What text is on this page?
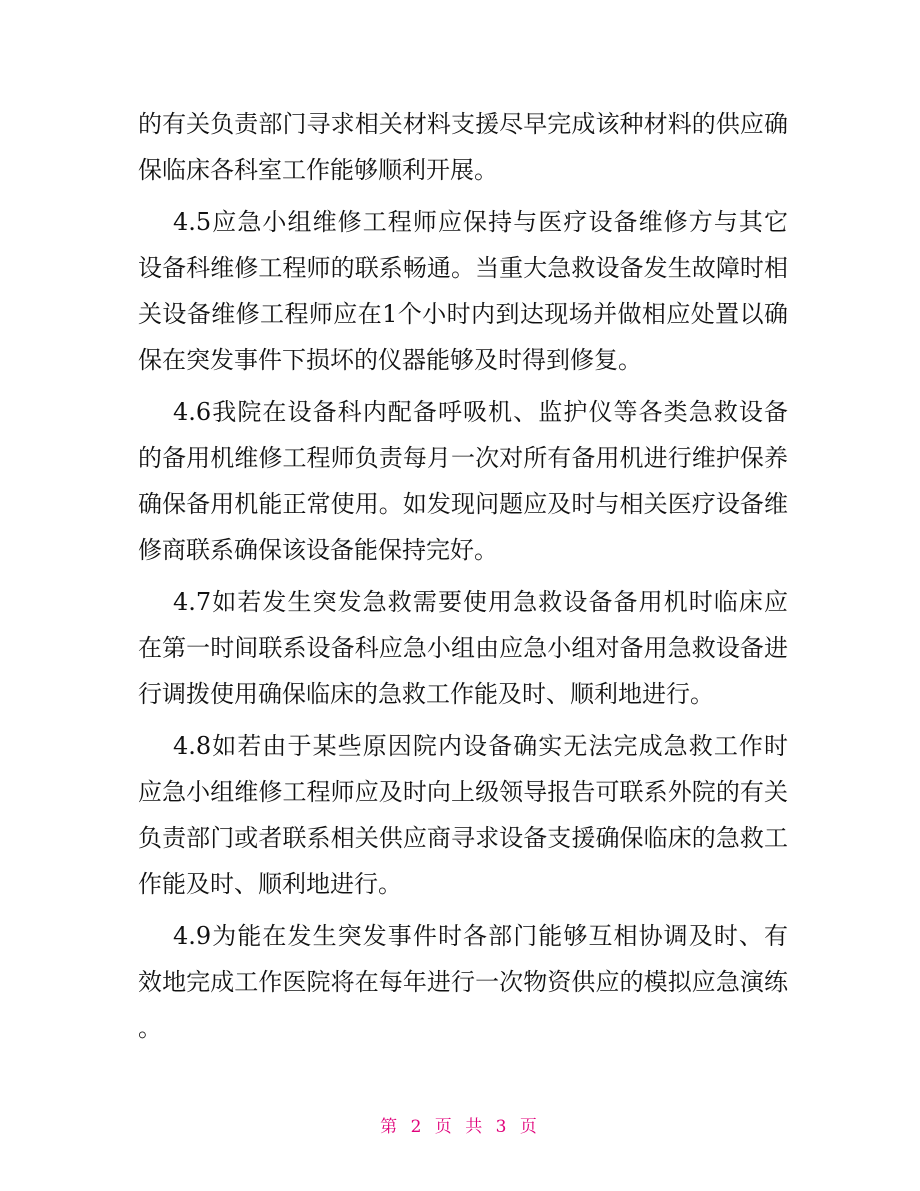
的有关负责部门寻求相关材料支援尽早完成该种材料的供应确
保临床各科室工作能够顺利开展。
4.5应急小组维修工程师应保持与医疗设备维修方与其它
设备科维修工程师的联系畅通。当重大急救设备发生故障时相
关设备维修工程师应在1个小时内到达现场并做相应处置以确
保在突发事件下损坏的仪器能够及时得到修复。
4.6我院在设备科内配备呼吸机、监护仪等各类急救设备
的备用机维修工程师负责每月一次对所有备用机进行维护保养
确保备用机能正常使用。如发现问题应及时与相关医疗设备维
修商联系确保该设备能保持完好。
4.7如若发生突发急救需要使用急救设备备用机时临床应
在第一时间联系设备科应急小组由应急小组对备用急救设备进
行调拨使用确保临床的急救工作能及时、顺利地进行。
4.8如若由于某些原因院内设备确实无法完成急救工作时
应急小组维修工程师应及时向上级领导报告可联系外院的有关
负责部门或者联系相关供应商寻求设备支援确保临床的急救工
作能及时、顺利地进行。
4.9为能在发生突发事件时各部门能够互相协调及时、有
效地完成工作医院将在每年进行一次物资供应的模拟应急演练
。
第 2 页 共 3 页
